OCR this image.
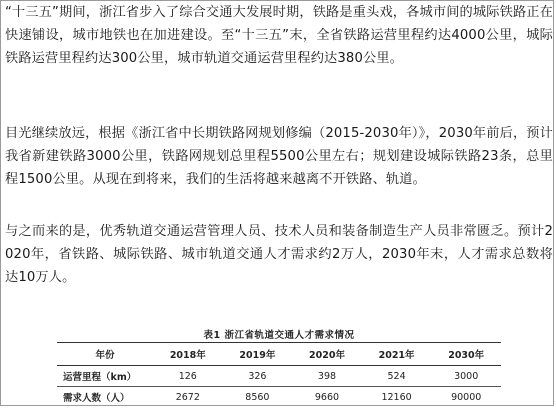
“十三五”期间，浙江省步入了综合交通大发展时期，铁路是重头戏，各城市间的城际铁路正在快速铺设，城市地铁也在加进建设。至“十三五”末，全省铁路运营里程约达4000公里，城际铁路运营里程约达300公里，城市轨道交通运营里程约达380公里。
目光继续放远，根据《浙江省中长期铁路网规划修编（2015-2030年）》，2030年前后，预计我省新建铁路3000公里，铁路网规划总里程5500公里左右；规划建设城际铁路23条，总里程1500公里。从现在到将来，我们的生活将越来越离不开铁路、轨道。
与之而来的是，优秀轨道交通运营管理人员、技术人员和装备制造生产人员非常匮乏。预计2020年，省铁路、城际铁路、城市轨道交通人才需求约2万人，2030年末，人才需求总数将达10万人。
表1 浙江省轨道交通人才需求情况
年份	2018年	2019年	2020年	2021年	2030年
运营里程（km）	126	326	398	524	3000
需求人数（人）	2672	8560	9660	12160	90000
